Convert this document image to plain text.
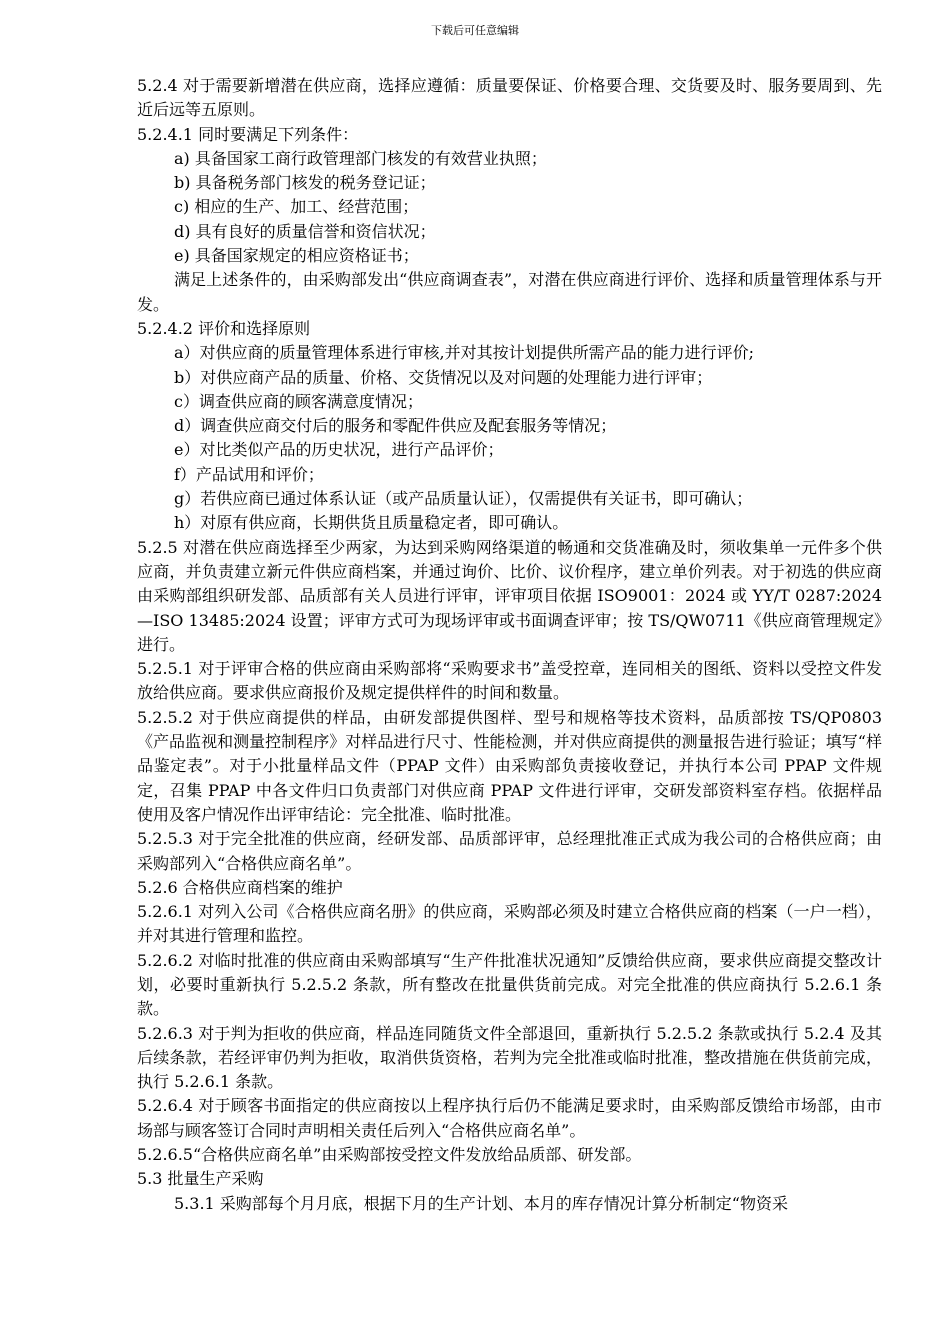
下载后可任意编辑

5.2.4 对于需要新增潜在供应商，选择应遵循：质量要保证、价格要合理、交货要及时、服务要周到、先近后远等五原则。

5.2.4.1 同时要满足下列条件：

a) 具备国家工商行政管理部门核发的有效营业执照；

b) 具备税务部门核发的税务登记证；

c) 相应的生产、加工、经营范围；

d) 具有良好的质量信誉和资信状况；

e) 具备国家规定的相应资格证书；

满足上述条件的，由采购部发出“供应商调查表”，对潜在供应商进行评价、选择和质量管理体系与开发。

5.2.4.2 评价和选择原则

a）对供应商的质量管理体系进行审核,并对其按计划提供所需产品的能力进行评价;

b）对供应商产品的质量、价格、交货情况以及对问题的处理能力进行评审；

c）调查供应商的顾客满意度情况；

d）调查供应商交付后的服务和零配件供应及配套服务等情况；

e）对比类似产品的历史状况，进行产品评价；

f）产品试用和评价；

g）若供应商已通过体系认证（或产品质量认证），仅需提供有关证书，即可确认；

h）对原有供应商，长期供货且质量稳定者，即可确认。

5.2.5 对潜在供应商选择至少两家，为达到采购网络渠道的畅通和交货准确及时，须收集单一元件多个供应商，并负责建立新元件供应商档案，并通过询价、比价、议价程序，建立单价列表。对于初选的供应商由采购部组织研发部、品质部有关人员进行评审，评审项目依据 ISO9001：2024 或 YY/T 0287:2024—ISO 13485:2024 设置；评审方式可为现场评审或书面调查评审；按 TS/QW0711《供应商管理规定》进行。

5.2.5.1 对于评审合格的供应商由采购部将“采购要求书”盖受控章，连同相关的图纸、资料以受控文件发放给供应商。要求供应商报价及规定提供样件的时间和数量。

5.2.5.2 对于供应商提供的样品，由研发部提供图样、型号和规格等技术资料，品质部按 TS/QP0803《产品监视和测量控制程序》对样品进行尺寸、性能检测，并对供应商提供的测量报告进行验证；填写“样品鉴定表”。对于小批量样品文件（PPAP 文件）由采购部负责接收登记，并执行本公司 PPAP 文件规定，召集 PPAP 中各文件归口负责部门对供应商 PPAP 文件进行评审，交研发部资料室存档。依据样品使用及客户情况作出评审结论：完全批准、临时批准。

5.2.5.3 对于完全批准的供应商，经研发部、品质部评审，总经理批准正式成为我公司的合格供应商；由采购部列入“合格供应商名单”。

5.2.6 合格供应商档案的维护

5.2.6.1 对列入公司《合格供应商名册》的供应商，采购部必须及时建立合格供应商的档案（一户一档），并对其进行管理和监控。

5.2.6.2 对临时批准的供应商由采购部填写“生产件批准状况通知”反馈给供应商，要求供应商提交整改计划，必要时重新执行 5.2.5.2 条款，所有整改在批量供货前完成。对完全批准的供应商执行 5.2.6.1 条款。

5.2.6.3 对于判为拒收的供应商，样品连同随货文件全部退回，重新执行 5.2.5.2 条款或执行 5.2.4 及其后续条款，若经评审仍判为拒收，取消供货资格，若判为完全批准或临时批准，整改措施在供货前完成，执行 5.2.6.1 条款。

5.2.6.4 对于顾客书面指定的供应商按以上程序执行后仍不能满足要求时，由采购部反馈给市场部，由市场部与顾客签订合同时声明相关责任后列入“合格供应商名单”。

5.2.6.5“合格供应商名单”由采购部按受控文件发放给品质部、研发部。

5.3 批量生产采购

5.3.1 采购部每个月月底，根据下月的生产计划、本月的库存情况计算分析制定“物资采
